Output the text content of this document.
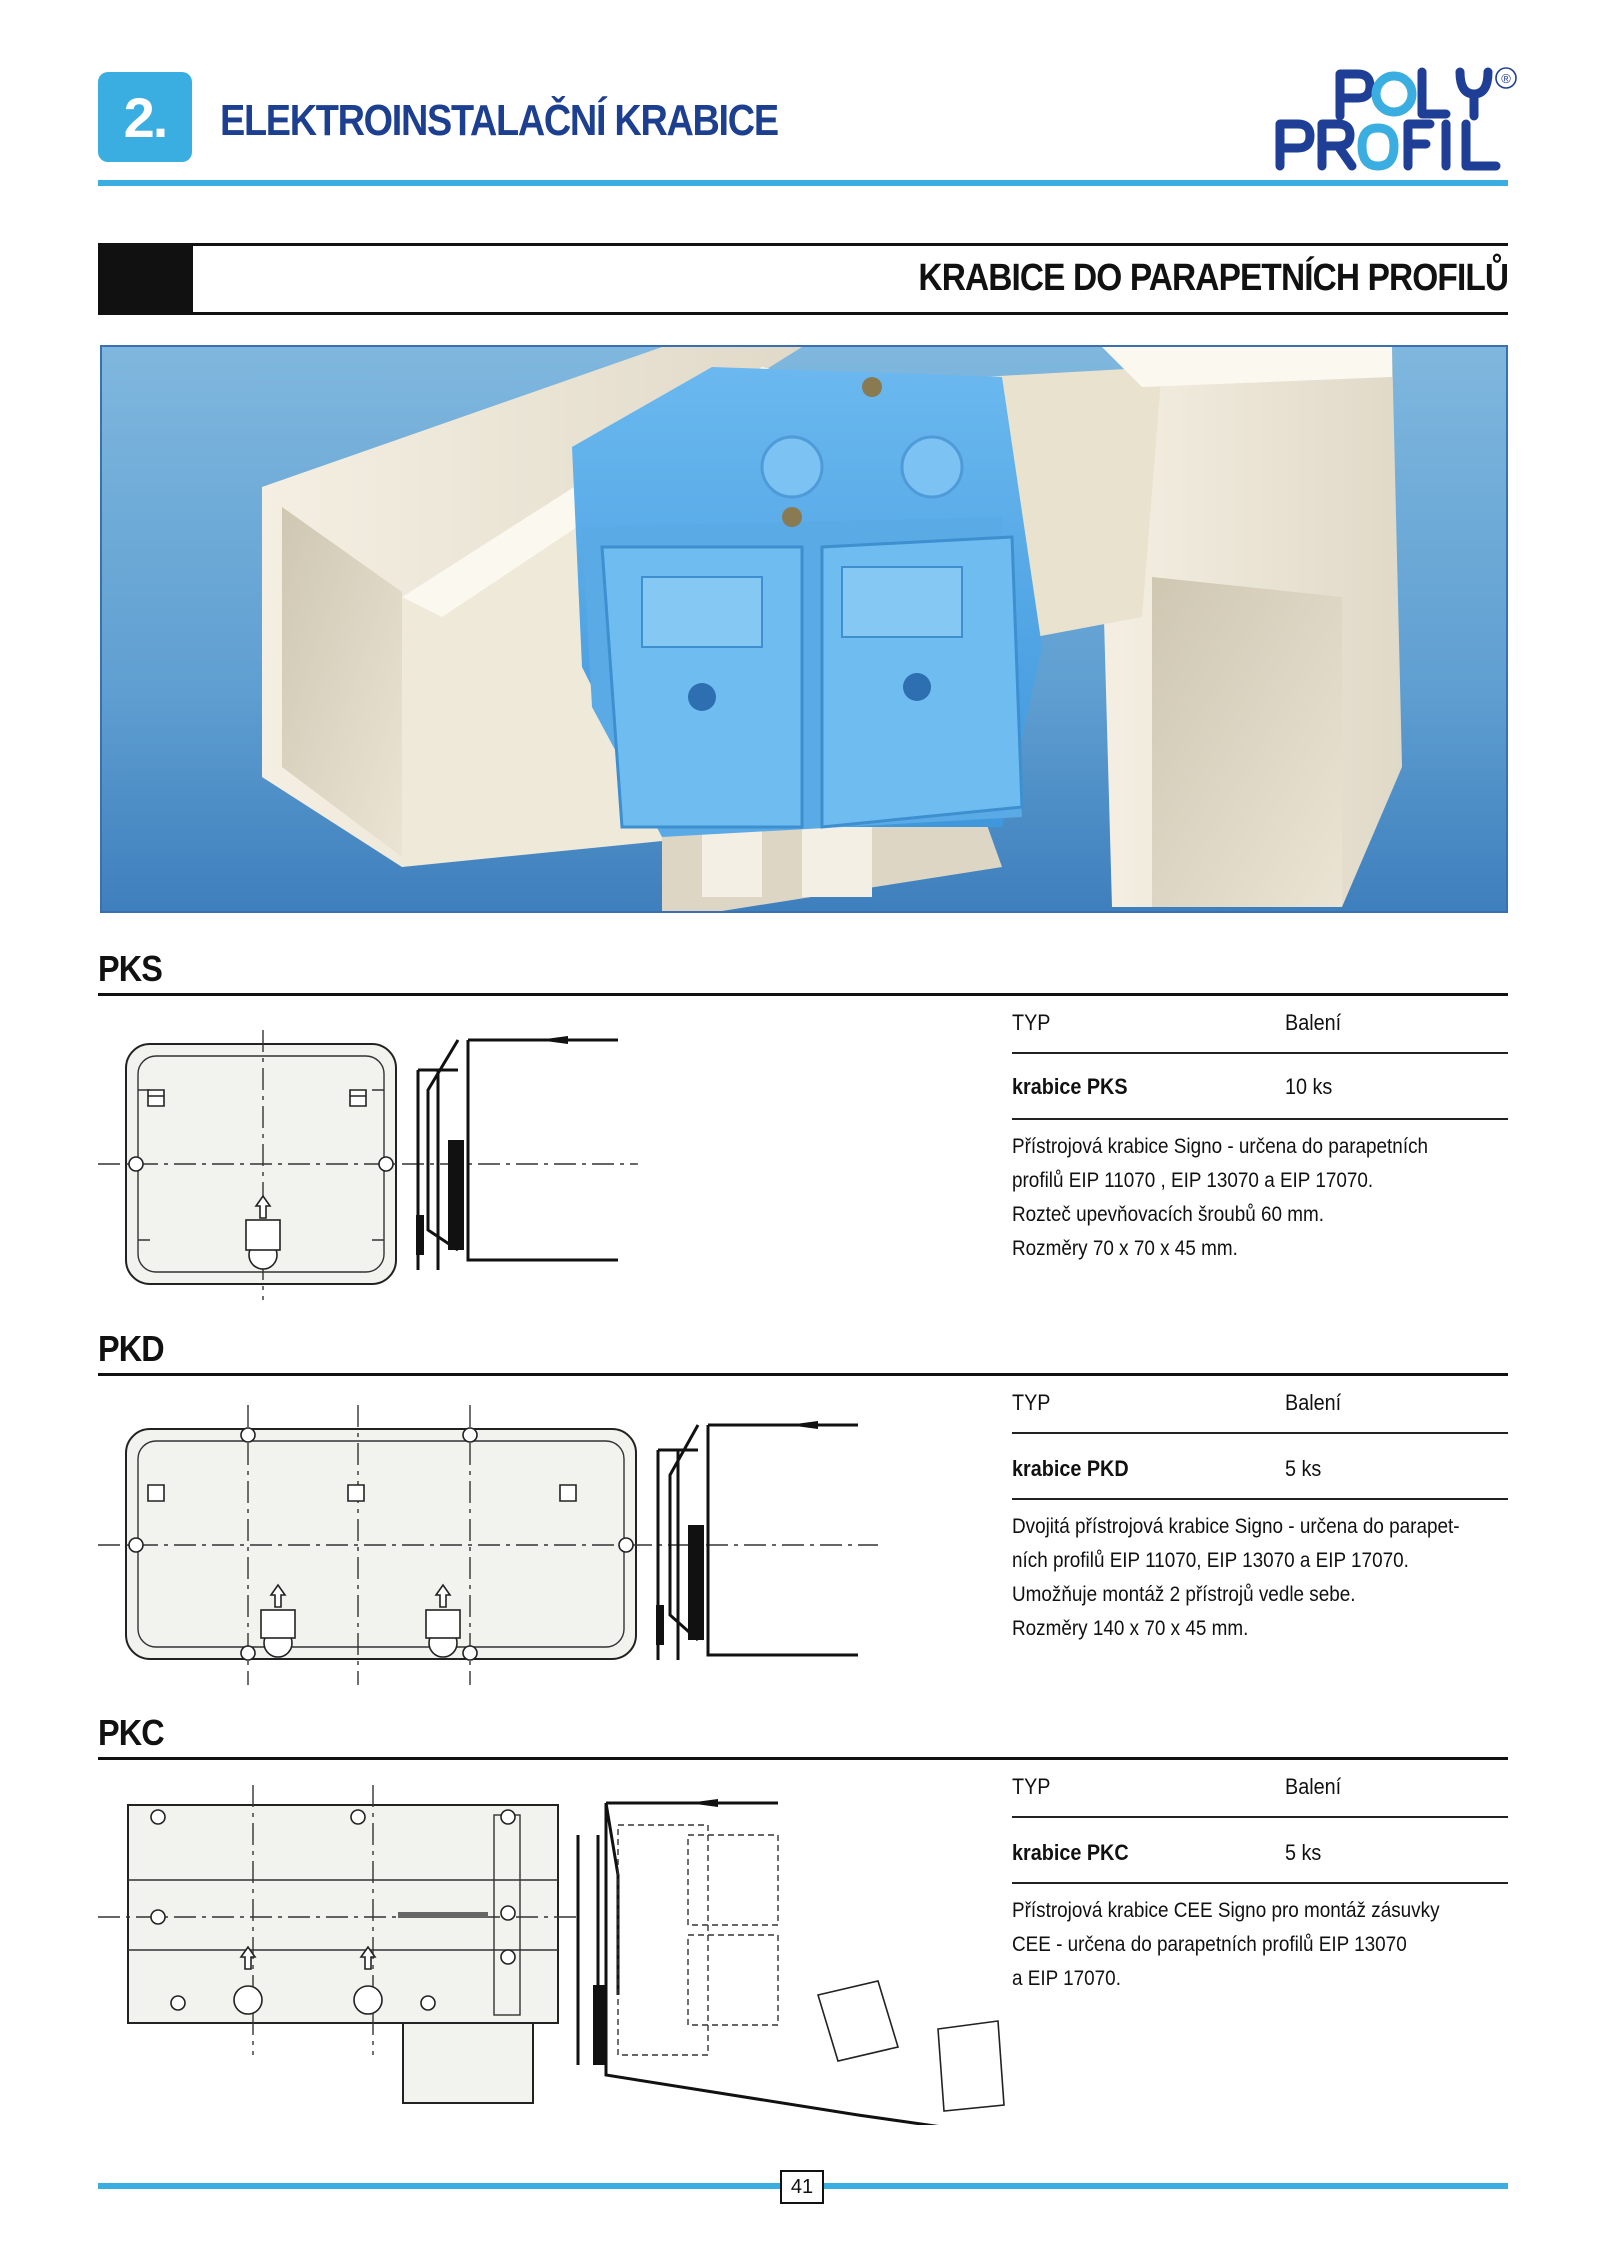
2.	ELEKTROINSTALAČNÍ KRABICE
®
KRABICE DO PARAPETNÍCH PROFILŮ
PKS
TYP	Balení
krabice PKS	10 ks
Přístrojová krabice Signo - určena do parapetních
profilů EIP 11070 , EIP 13070 a EIP 17070.
Rozteč upevňovacích šroubů 60 mm.
Rozměry 70 x 70 x 45 mm.
PKD
TYP	Balení
krabice PKD	5 ks
Dvojitá přístrojová krabice Signo - určena do parapet-
ních profilů EIP 11070, EIP 13070 a EIP 17070.
Umožňuje montáž 2 přístrojů vedle sebe.
Rozměry 140 x 70 x 45 mm.
PKC
TYP	Balení
krabice PKC	5 ks
Přístrojová krabice CEE Signo pro montáž zásuvky
CEE - určena do parapetních profilů EIP 13070
a EIP 17070.
41
